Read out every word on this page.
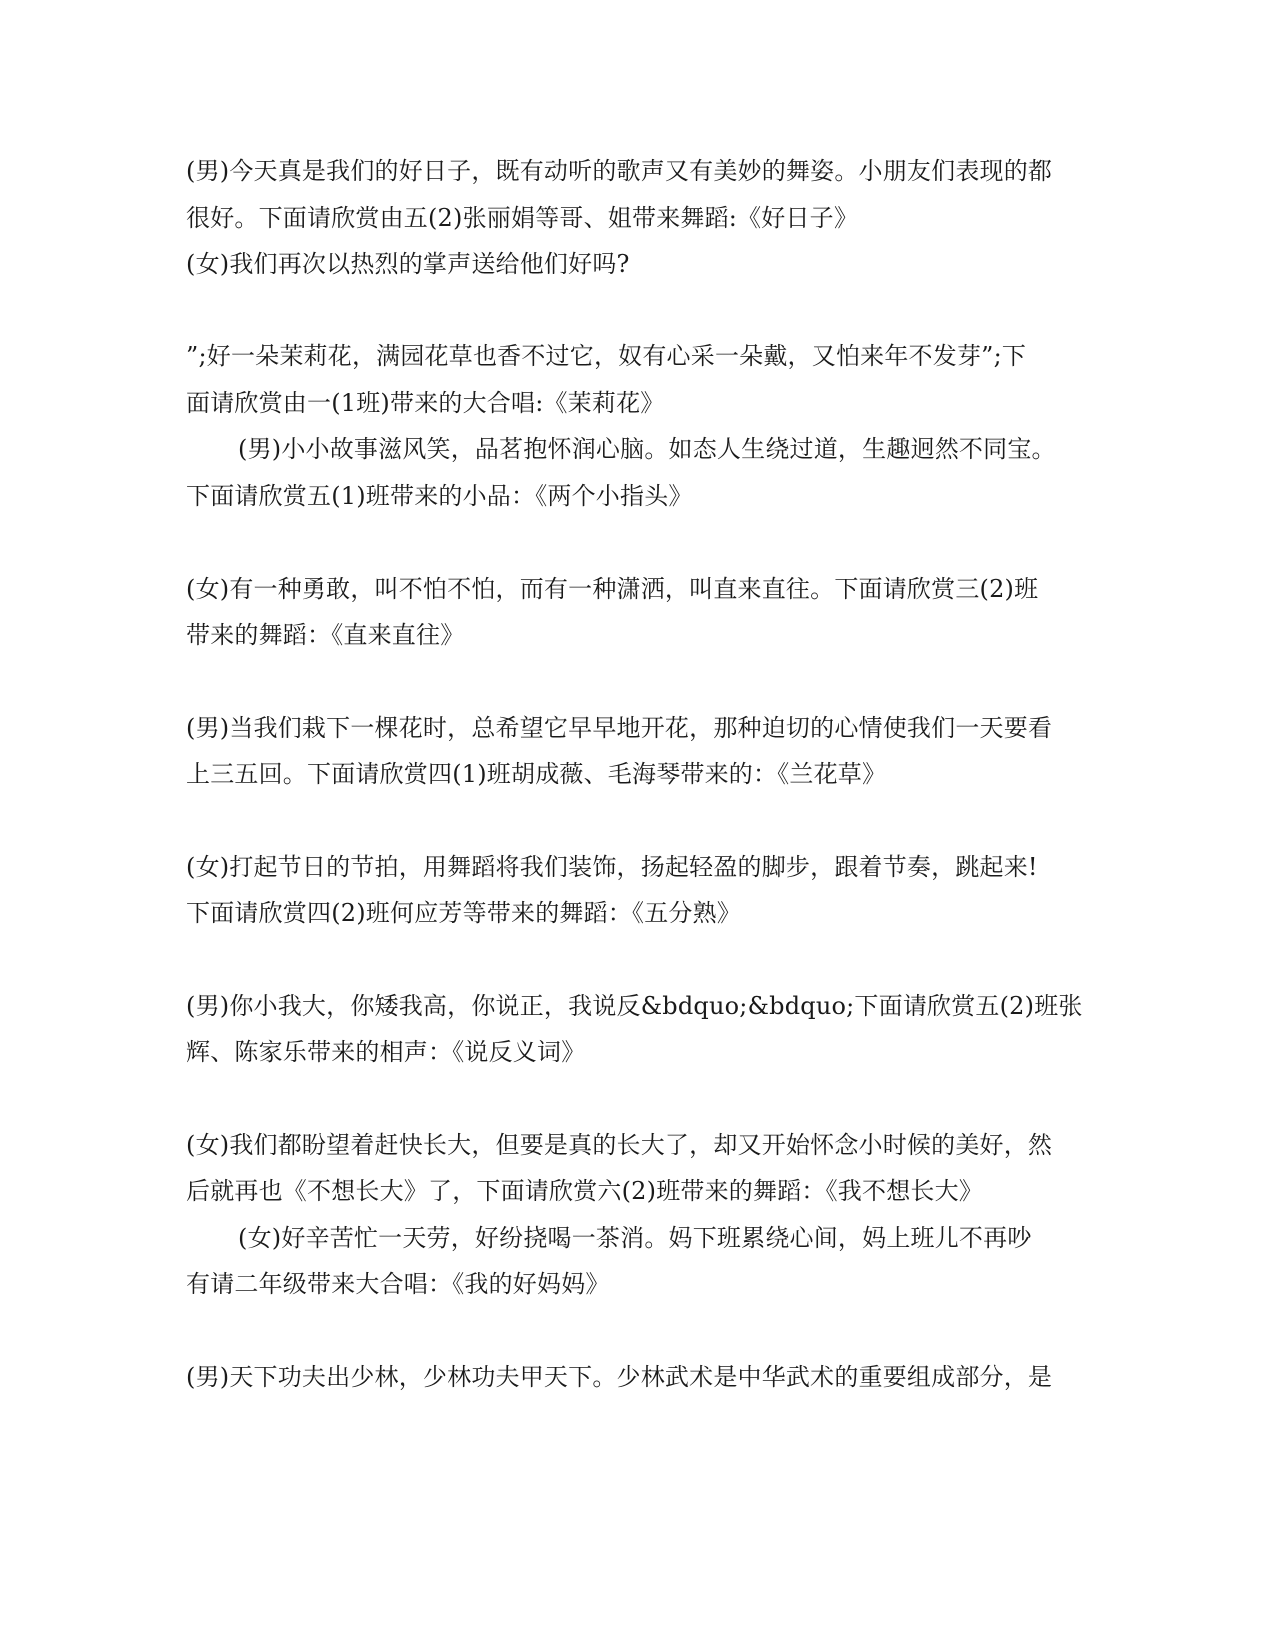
(男)今天真是我们的好日子，既有动听的歌声又有美妙的舞姿。小朋友们表现的都
很好。下面请欣赏由五(2)张丽娟等哥、姐带来舞蹈:《好日子》
(女)我们再次以热烈的掌声送给他们好吗?
”;好一朵茉莉花，满园花草也香不过它，奴有心采一朵戴，又怕来年不发芽”;下
面请欣赏由一(1班)带来的大合唱:《茉莉花》
(男)小小故事滋风笑，品茗抱怀润心脑。如态人生绕过道，生趣迥然不同宝。
下面请欣赏五(1)班带来的小品：《两个小指头》
(女)有一种勇敢，叫不怕不怕，而有一种潇洒，叫直来直往。下面请欣赏三(2)班
带来的舞蹈：《直来直往》
(男)当我们栽下一棵花时，总希望它早早地开花，那种迫切的心情使我们一天要看
上三五回。下面请欣赏四(1)班胡成薇、毛海琴带来的：《兰花草》
(女)打起节日的节拍，用舞蹈将我们装饰，扬起轻盈的脚步，跟着节奏，跳起来!
下面请欣赏四(2)班何应芳等带来的舞蹈：《五分熟》
(男)你小我大，你矮我高，你说正，我说反&bdquo;&bdquo;下面请欣赏五(2)班张
辉、陈家乐带来的相声：《说反义词》
(女)我们都盼望着赶快长大，但要是真的长大了，却又开始怀念小时候的美好，然
后就再也《不想长大》了，下面请欣赏六(2)班带来的舞蹈：《我不想长大》
(女)好辛苦忙一天劳，好纷挠喝一茶消。妈下班累绕心间，妈上班儿不再吵
有请二年级带来大合唱：《我的好妈妈》
(男)天下功夫出少林，少林功夫甲天下。少林武术是中华武术的重要组成部分，是
